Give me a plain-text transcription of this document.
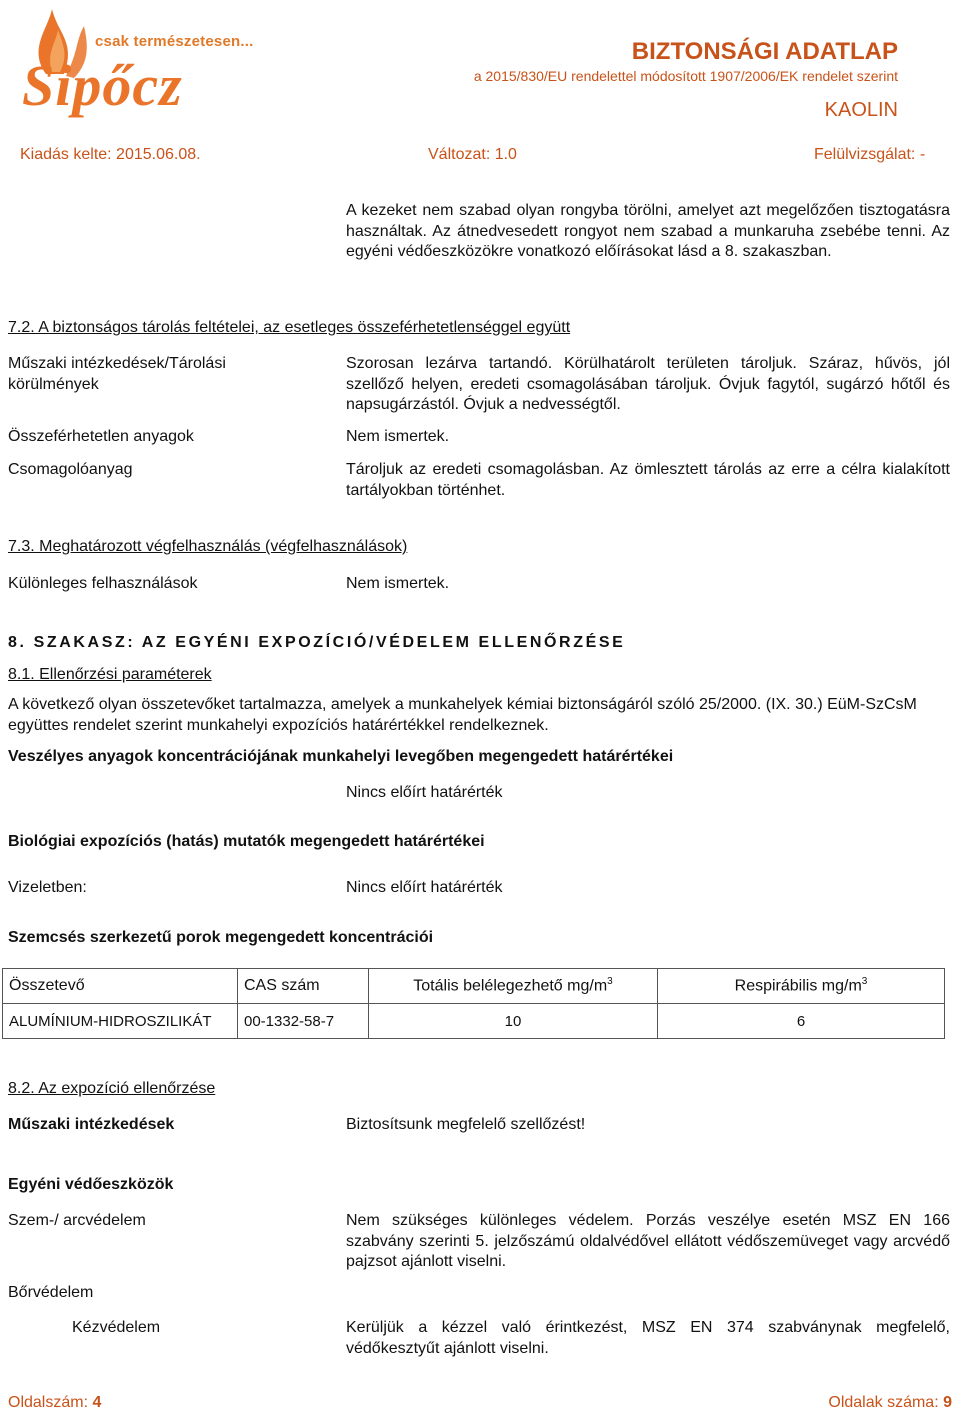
csak természetesen...
Sipőcz
BIZTONSÁGI ADATLAP
a 2015/830/EU rendelettel módosított 1907/2006/EK rendelet szerint
KAOLIN
Kiadás kelte: 2015.06.08.	Változat: 1.0	Felülvizsgálat: -
A kezeket nem szabad olyan rongyba törölni, amelyet azt megelőzően tisztogatásra használtak. Az átnedvesedett rongyot nem szabad a munkaruha zsebébe tenni. Az egyéni védőeszközökre vonatkozó előírásokat lásd a 8. szakaszban.
7.2. A biztonságos tárolás feltételei, az esetleges összeférhetetlenséggel együtt
Műszaki intézkedések/Tárolási körülmények
Szorosan lezárva tartandó. Körülhatárolt területen tároljuk. Száraz, hűvös, jól szellőző helyen, eredeti csomagolásában tároljuk. Óvjuk fagytól, sugárzó hőtől és napsugárzástól. Óvjuk a nedvességtől.
Összeférhetetlen anyagok	Nem ismertek.
Csomagolóanyag	Tároljuk az eredeti csomagolásban. Az ömlesztett tárolás az erre a célra kialakított tartályokban történhet.
7.3. Meghatározott végfelhasználás (végfelhasználások)
Különleges felhasználások	Nem ismertek.
8. SZAKASZ: AZ EGYÉNI EXPOZÍCIÓ/VÉDELEM ELLENŐRZÉSE
8.1. Ellenőrzési paraméterek
A következő olyan összetevőket tartalmazza, amelyek a munkahelyek kémiai biztonságáról szóló 25/2000. (IX. 30.) EüM-SzCsM együttes rendelet szerint munkahelyi expozíciós határértékkel rendelkeznek.
Veszélyes anyagok koncentrációjának munkahelyi levegőben megengedett határértékei
Nincs előírt határérték
Biológiai expozíciós (hatás) mutatók megengedett határértékei
Vizeletben:	Nincs előírt határérték
Szemcsés szerkezetű porok megengedett koncentrációi
Összetevő	CAS szám	Totális belélegezhető $mg/m^3$	Respirábilis $mg/m^3$
ALUMÍNIUM-HIDROSZILIKÁT	00-1332-58-7	10	6
8.2. Az expozíció ellenőrzése
Műszaki intézkedések	Biztosítsunk megfelelő szellőzést!
Egyéni védőeszközök
Szem-/ arcvédelem	Nem szükséges különleges védelem. Porzás veszélye esetén MSZ EN 166 szabvány szerinti 5. jelzőszámú oldalvédővel ellátott védőszemüveget vagy arcvédő pajzsot ajánlott viselni.
Bőrvédelem
Kézvédelem	Kerüljük a kézzel való érintkezést, MSZ EN 374 szabványnak megfelelő, védőkesztyűt ajánlott viselni.
Oldalszám: 4	Oldalak száma: 9
